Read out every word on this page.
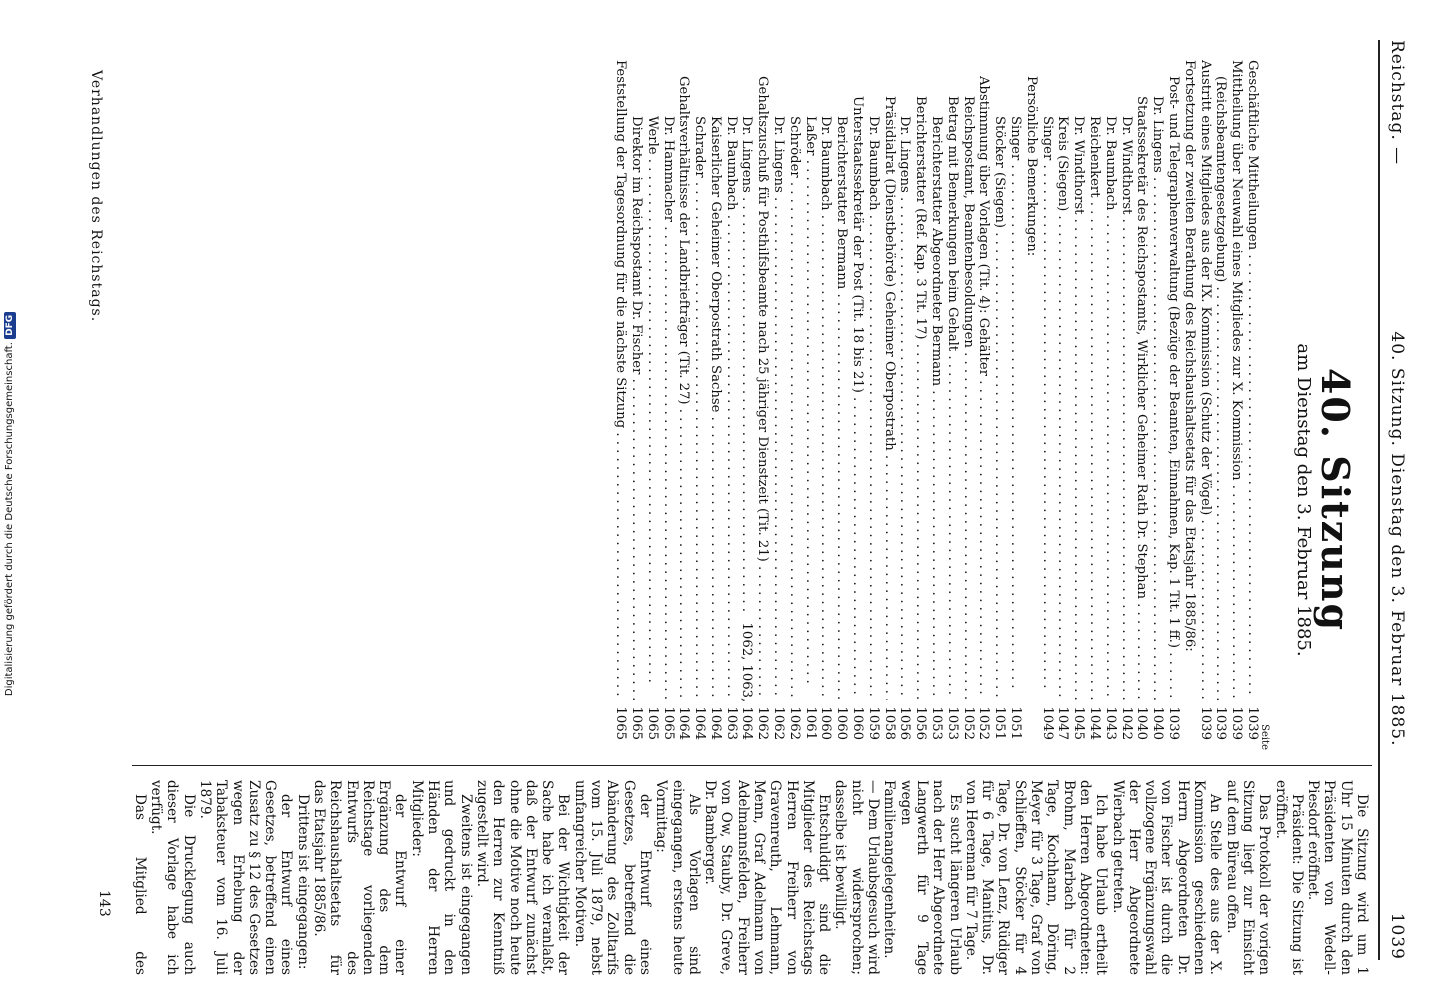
Reichstag. —
40. Sitzung. Dienstag den 3. Februar 1885.
1039
40. Sitzung
am Dienstag den 3. Februar 1885.
Seite
Geschäftliche Mittheilungen . . .
1039
Mittheilung über Neuwahl eines Mitgliedes zur X. Kommission . . .
1039
(Reichsbeamtengesetzgebung) . . .
1039
Austritt eines Mitgliedes aus der IX. Kommission (Schutz der Vögel) . . .
1039
Fortsetzung der zweiten Berathung des Reichshaushaltsetats für das Etatsjahr 1885/86:
Post- und Telegraphenverwaltung (Bezüge der Beamten, Einnahmen, Kap. 1 Tit. 1 ff.) . . .
1039
Dr. Lingens . . .
1040
Staatssekretär des Reichspostamts, Wirklicher Geheimer Rath Dr. Stephan . . .
1040
Dr. Windthorst . . .
1042
Dr. Baumbach . . .
1043
Reichenkert . . .
1044
Dr. Windthorst . . .
1045
Kreis (Siegen) . . .
1047
Singer . . .
1049
Persönliche Bemerkungen:
Singer . . .
1051
Stöcker (Siegen) . . .
1051
Abstimmung über Vorlagen (Tit. 4): Gehälter . . .
1052
Reichspostamt, Beamtenbesoldungen . . .
1052
Betrag mit Bemerkungen beim Gehalt . . .
1053
Berichterstatter Abgeordneter Bermann . . .
1053
Berichterstatter (Ref. Kap. 3 Tit. 17) . . .
1056
Dr. Lingens . . .
1056
Präsidialrat (Dienstbehörde) Geheimer Oberpostrath . . .
1058
Dr. Baumbach . . .
1059
Unterstaatssekretär der Post (Tit. 18 bis 21) . . .
1060
Berichterstatter Bermann . . .
1060
Dr. Baumbach . . .
1060
Laßer . . .
1061
Schröder . . .
1062
Dr. Lingens . . .
1062
Gehaltszuschuß für Posthilfsbeamte nach 25 jähriger Dienstzeit (Tit. 21) . . .
1062
Dr. Lingens . . .
1062, 1063, 1064
Dr. Baumbach . . .
1063
Kaiserlicher Geheimer Oberpostrath Sachse . . .
1064
Schrader . . .
1064
Gehaltsverhältnisse der Landbriefträger (Tit. 27) . . .
1064
Dr. Hammacher . . .
1065
Werle . . .
1065
Direktor im Reichspostamt Dr. Fischer . . .
1065
Feststellung der Tagesordnung für die nächste Sitzung . . .
1065

Die Sitzung wird um 1 Uhr 15 Minuten durch den Präsidenten von Wedell-Piesdorf eröffnet.

Präsident: Die Sitzung ist eröffnet.

Das Protokoll der vorigen Sitzung liegt zur Einsicht auf dem Büreau offen.

An Stelle des aus der X. Kommission geschiedenen Herrn Abgeordneten Dr. von Fischer ist durch die vollzogene Ergänzungswahl der Herr Abgeordnete Wierbach getreten.

Ich habe Urlaub ertheilt den Herren Abgeordneten: Brohm, Marbach für 2 Tage, Kochhann, Döring, Meyer für 3 Tage, Graf von Schlieffen, Stöcker für 4 Tage, Dr. von Lenz, Rüdiger für 6 Tage, Manitius, Dr. von Heereman für 7 Tage.

Es sucht längeren Urlaub nach der Herr Abgeordnete Langwerth für 9 Tage wegen Familienangelegenheiten. — Dem Urlaubsgesuch wird nicht widersprochen; dasselbe ist bewilligt.

Entschuldigt sind die Mitglieder des Reichstags Herren Freiherr von Gravenreuth, Lehmann, Menn, Graf Adelmann von Adelmannsfelden, Freiherr von Ow, Stauby, Dr. Greve, Dr. Bamberger.

Als Vorlagen sind eingegangen, erstens heute Vormittag:

der Entwurf eines Gesetzes, betreffend die Abänderung des Zolltarifs vom 15. Juli 1879, nebst umfangreicher Motiven.

Bei der Wichtigkeit der Sache habe ich veranlaßt, daß der Entwurf zunächst ohne die Motive noch heute den Herren zur Kenntniß zugestellt wird.

Zweitens ist eingegangen und gedruckt in den Händen der Herren Mitglieder:

der Entwurf einer Ergänzung des dem Reichstage vorliegenden Entwurfs des Reichshaushaltsetats für das Etatsjahr 1885/86.

Drittens ist eingegangen:

der Entwurf eines Gesetzes, betreffend einen Zusatz zu § 12 des Gesetzes wegen Erhebung der Tabaksteuer vom 16. Juli 1879.

Die Drucklegung auch dieser Vorlage habe ich verfügt.

Das Mitglied des

Verhandlungen des Reichstags.
143
Digitalisierung gefördert durch die Deutsche Forschungsgemeinschaft. DFG
